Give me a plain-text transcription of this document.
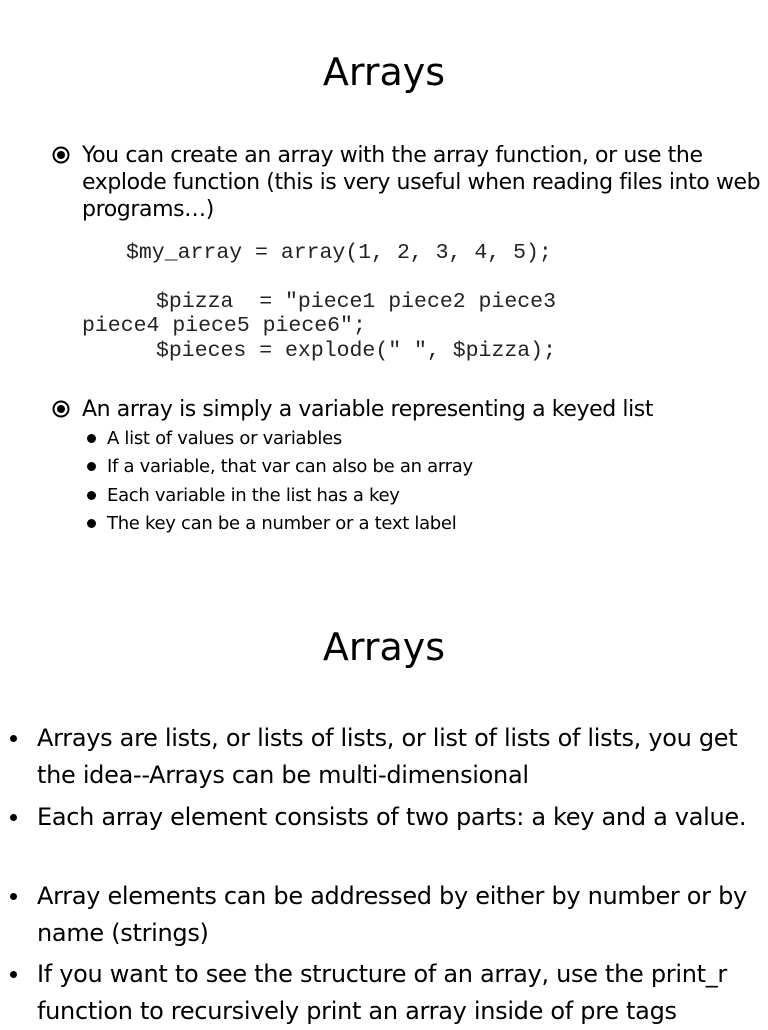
Arrays
You can create an array with the array function, or use the explode function (this is very useful when reading files into web programs…)
$my_array = array(1, 2, 3, 4, 5);
$pizza  = "piece1 piece2 piece3
piece4 piece5 piece6";
$pieces = explode(" ", $pizza);
An array is simply a variable representing a keyed list
A list of values or variables
If a variable, that var can also be an array
Each variable in the list has a key
The key can be a number or a text label
Arrays
Arrays are lists, or lists of lists, or list of lists of lists, you get the idea--Arrays can be multi-dimensional
Each array element consists of two parts: a key and a value.
Array elements can be addressed by either by number or by name (strings)
If you want to see the structure of an array, use the print_r function to recursively print an array inside of pre tags
